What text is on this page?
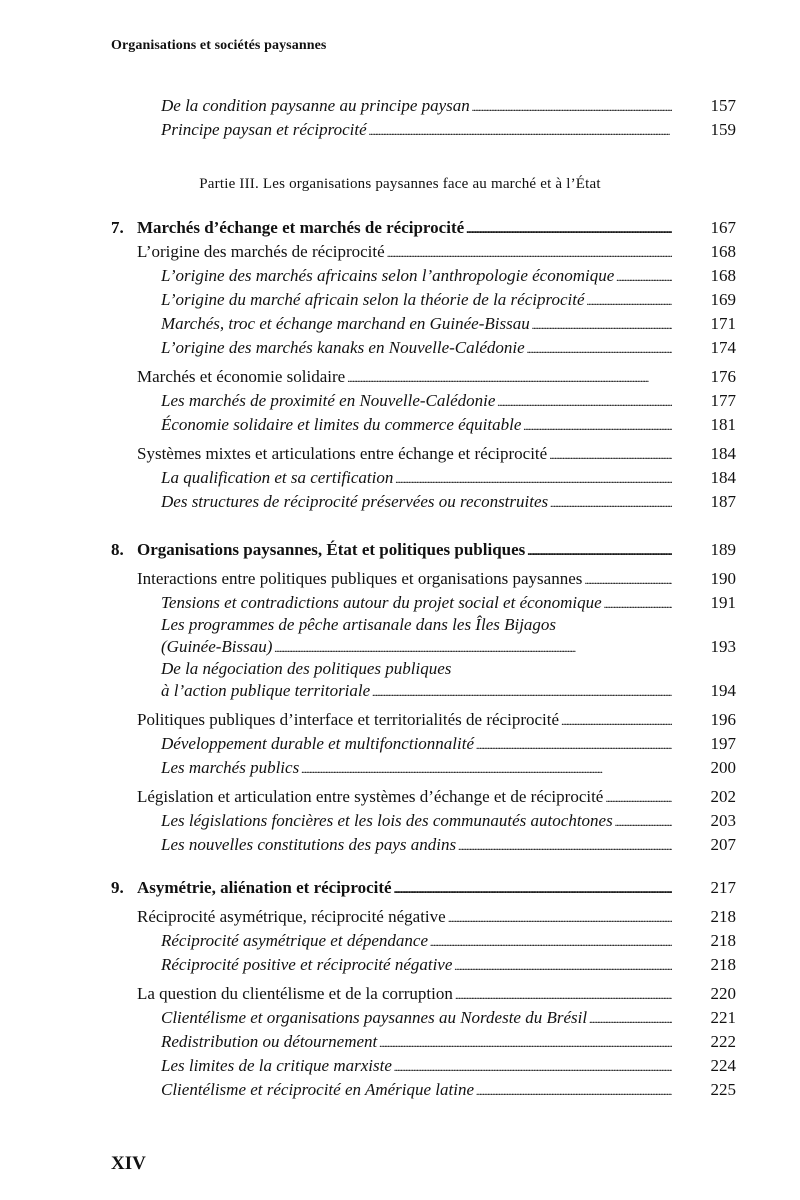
Organisations et sociétés paysannes
De la condition paysanne au principe paysan . . .	157
Principe paysan et réciprocité . . .	159
Partie III. Les organisations paysannes face au marché et à l’État
7. Marchés d’échange et marchés de réciprocité . . .	167
L’origine des marchés de réciprocité . . .	168
L’origine des marchés africains selon l’anthropologie économique . . .	168
L’origine du marché africain selon la théorie de la réciprocité . . .	169
Marchés, troc et échange marchand en Guinée-Bissau . . .	171
L’origine des marchés kanaks en Nouvelle-Calédonie . . .	174
Marchés et économie solidaire . . .	176
Les marchés de proximité en Nouvelle-Calédonie . . .	177
Économie solidaire et limites du commerce équitable . . .	181
Systèmes mixtes et articulations entre échange et réciprocité . . .	184
La qualification et sa certification . . .	184
Des structures de réciprocité préservées ou reconstruites . . .	187
8. Organisations paysannes, État et politiques publiques . . .	189
Interactions entre politiques publiques et organisations paysannes . . .	190
Tensions et contradictions autour du projet social et économique . . .	191
Les programmes de pêche artisanale dans les Îles Bijagos
(Guinée-Bissau) . . .	193
De la négociation des politiques publiques
à l’action publique territoriale . . .	194
Politiques publiques d’interface et territorialités de réciprocité . . .	196
Développement durable et multifonctionnalité . . .	197
Les marchés publics . . .	200
Législation et articulation entre systèmes d’échange et de réciprocité . . .	202
Les législations foncières et les lois des communautés autochtones . . .	203
Les nouvelles constitutions des pays andins . . .	207
9. Asymétrie, aliénation et réciprocité . . .	217
Réciprocité asymétrique, réciprocité négative . . .	218
Réciprocité asymétrique et dépendance . . .	218
Réciprocité positive et réciprocité négative . . .	218
La question du clientélisme et de la corruption . . .	220
Clientélisme et organisations paysannes au Nordeste du Brésil . . .	221
Redistribution ou détournement . . .	222
Les limites de la critique marxiste . . .	224
Clientélisme et réciprocité en Amérique latine . . .	225
XIV
